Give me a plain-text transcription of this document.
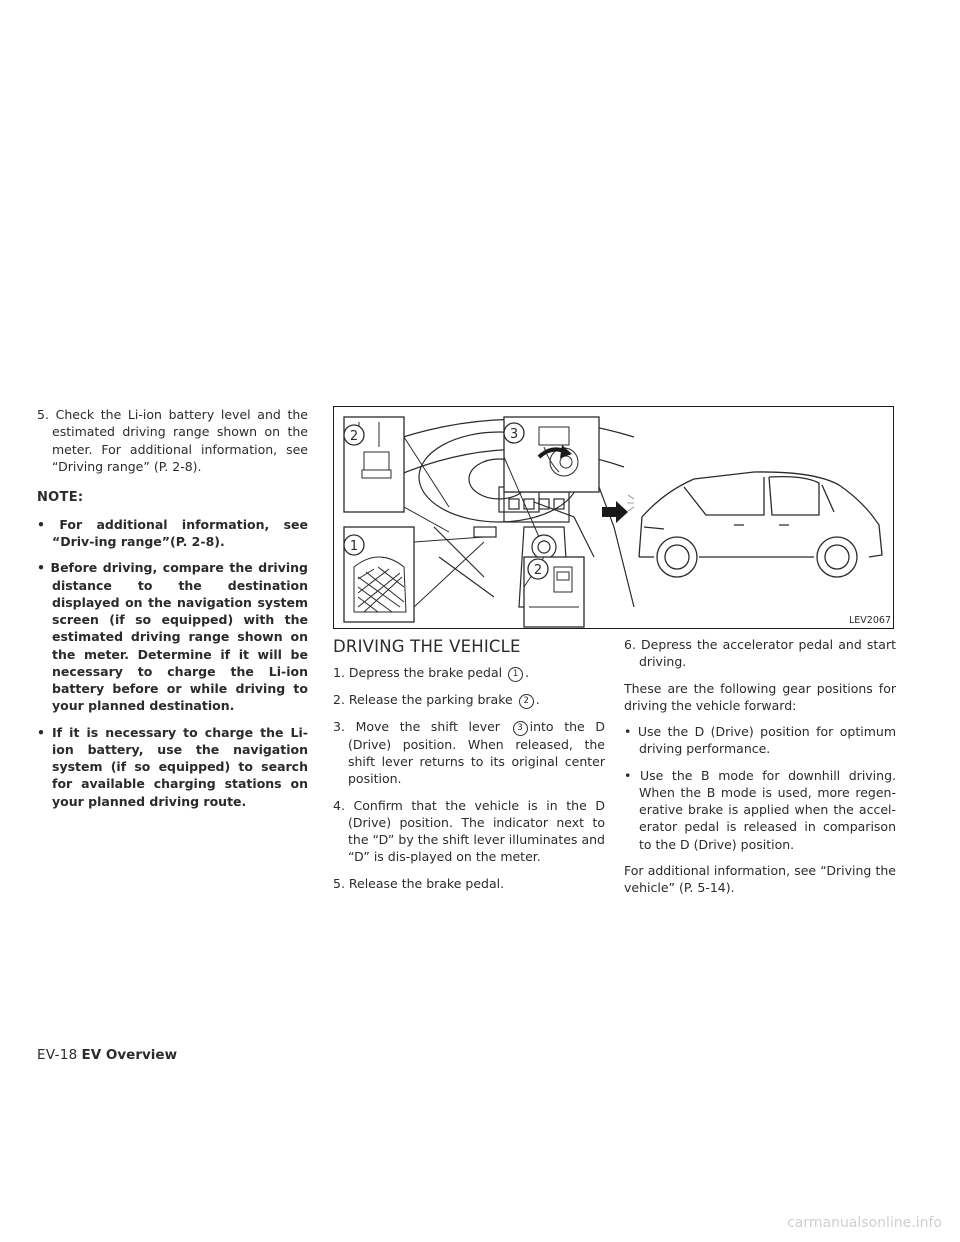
5. Check the Li-ion battery level and the estimated driving range shown on the meter. For additional information, see “Driving range” (P. 2-8).

NOTE:
• For additional information, see “Driv-ing range”(P. 2-8).
• Before driving, compare the driving distance to the destination displayed on the navigation system screen (if so equipped) with the estimated driving range shown on the meter. Determine if it will be necessary to charge the Li-ion battery before or while driving to your planned destination.
• If it is necessary to charge the Li-ion battery, use the navigation system (if so equipped) to search for available charging stations on your planned driving route.
2
1
3
2
LEV2067
DRIVING THE VEHICLE

1. Depress the brake pedal 1 .

2. Release the parking brake 2 .

3. Move the shift lever 3 into the D (Drive) position. When released, the shift lever returns to its original center position.

4. Confirm that the vehicle is in the D (Drive) position. The indicator next to the “D” by the shift lever illuminates and “D” is dis-played on the meter.

5. Release the brake pedal.

6. Depress the accelerator pedal and start driving.

These are the following gear positions for driving the vehicle forward:

• Use the D (Drive) position for optimum driving performance.

• Use the B mode for downhill driving. When the B mode is used, more regen-erative brake is applied when the accel-erator pedal is released in comparison to the D (Drive) position.

For additional information, see “Driving the vehicle” (P. 5-14).

EV-18 EV Overview
carmanualsonline.info
